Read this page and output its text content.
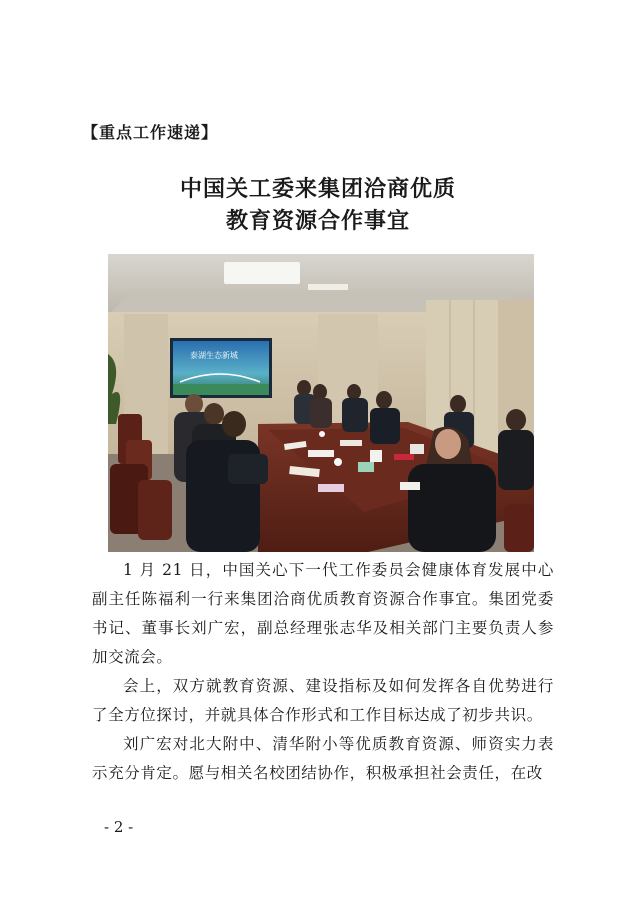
【重点工作速递】
中国关工委来集团洽商优质
教育资源合作事宜
泰湖生态新城

1 月 21 日，中国关心下一代工作委员会健康体育发展中心副主任陈福利一行来集团洽商优质教育资源合作事宜。集团党委书记、董事长刘广宏，副总经理张志华及相关部门主要负责人参加交流会。

会上，双方就教育资源、建设指标及如何发挥各自优势进行了全方位探讨，并就具体合作形式和工作目标达成了初步共识。

刘广宏对北大附中、清华附小等优质教育资源、师资实力表示充分肯定。愿与相关名校团结协作，积极承担社会责任，在改

- 2 -
